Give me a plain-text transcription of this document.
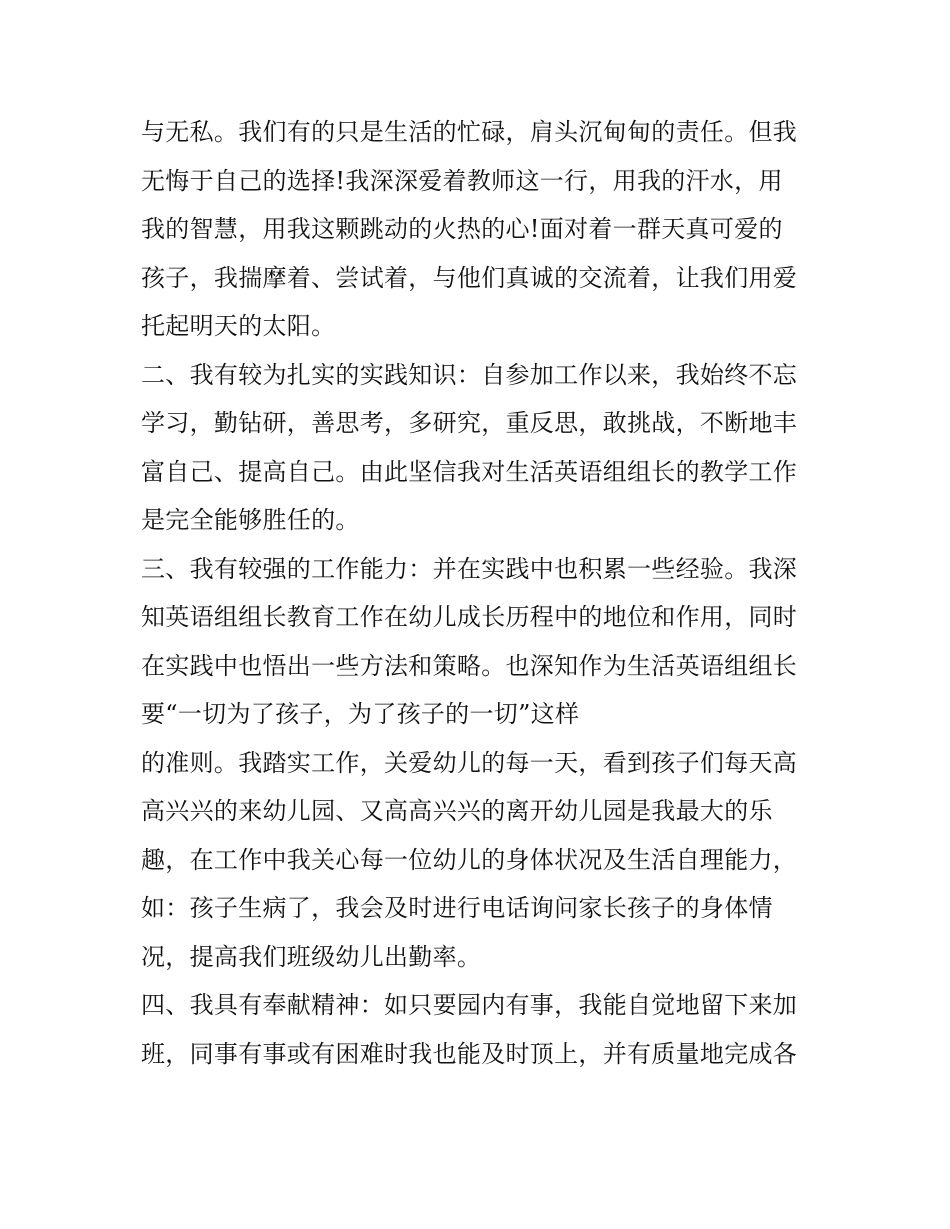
与无私。我们有的只是生活的忙碌，肩头沉甸甸的责任。但我
无悔于自己的选择!我深深爱着教师这一行，用我的汗水，用
我的智慧，用我这颗跳动的火热的心!面对着一群天真可爱的
孩子，我揣摩着、尝试着，与他们真诚的交流着，让我们用爱
托起明天的太阳。
二、我有较为扎实的实践知识：自参加工作以来，我始终不忘
学习，勤钻研，善思考，多研究，重反思，敢挑战，不断地丰
富自己、提高自己。由此坚信我对生活英语组组长的教学工作
是完全能够胜任的。
三、我有较强的工作能力：并在实践中也积累一些经验。我深
知英语组组长教育工作在幼儿成长历程中的地位和作用，同时
在实践中也悟出一些方法和策略。也深知作为生活英语组组长
要“一切为了孩子，为了孩子的一切”这样
的准则。我踏实工作，关爱幼儿的每一天，看到孩子们每天高
高兴兴的来幼儿园、又高高兴兴的离开幼儿园是我最大的乐
趣，在工作中我关心每一位幼儿的身体状况及生活自理能力，
如：孩子生病了，我会及时进行电话询问家长孩子的身体情
况，提高我们班级幼儿出勤率。
四、我具有奉献精神：如只要园内有事，我能自觉地留下来加
班，同事有事或有困难时我也能及时顶上，并有质量地完成各
